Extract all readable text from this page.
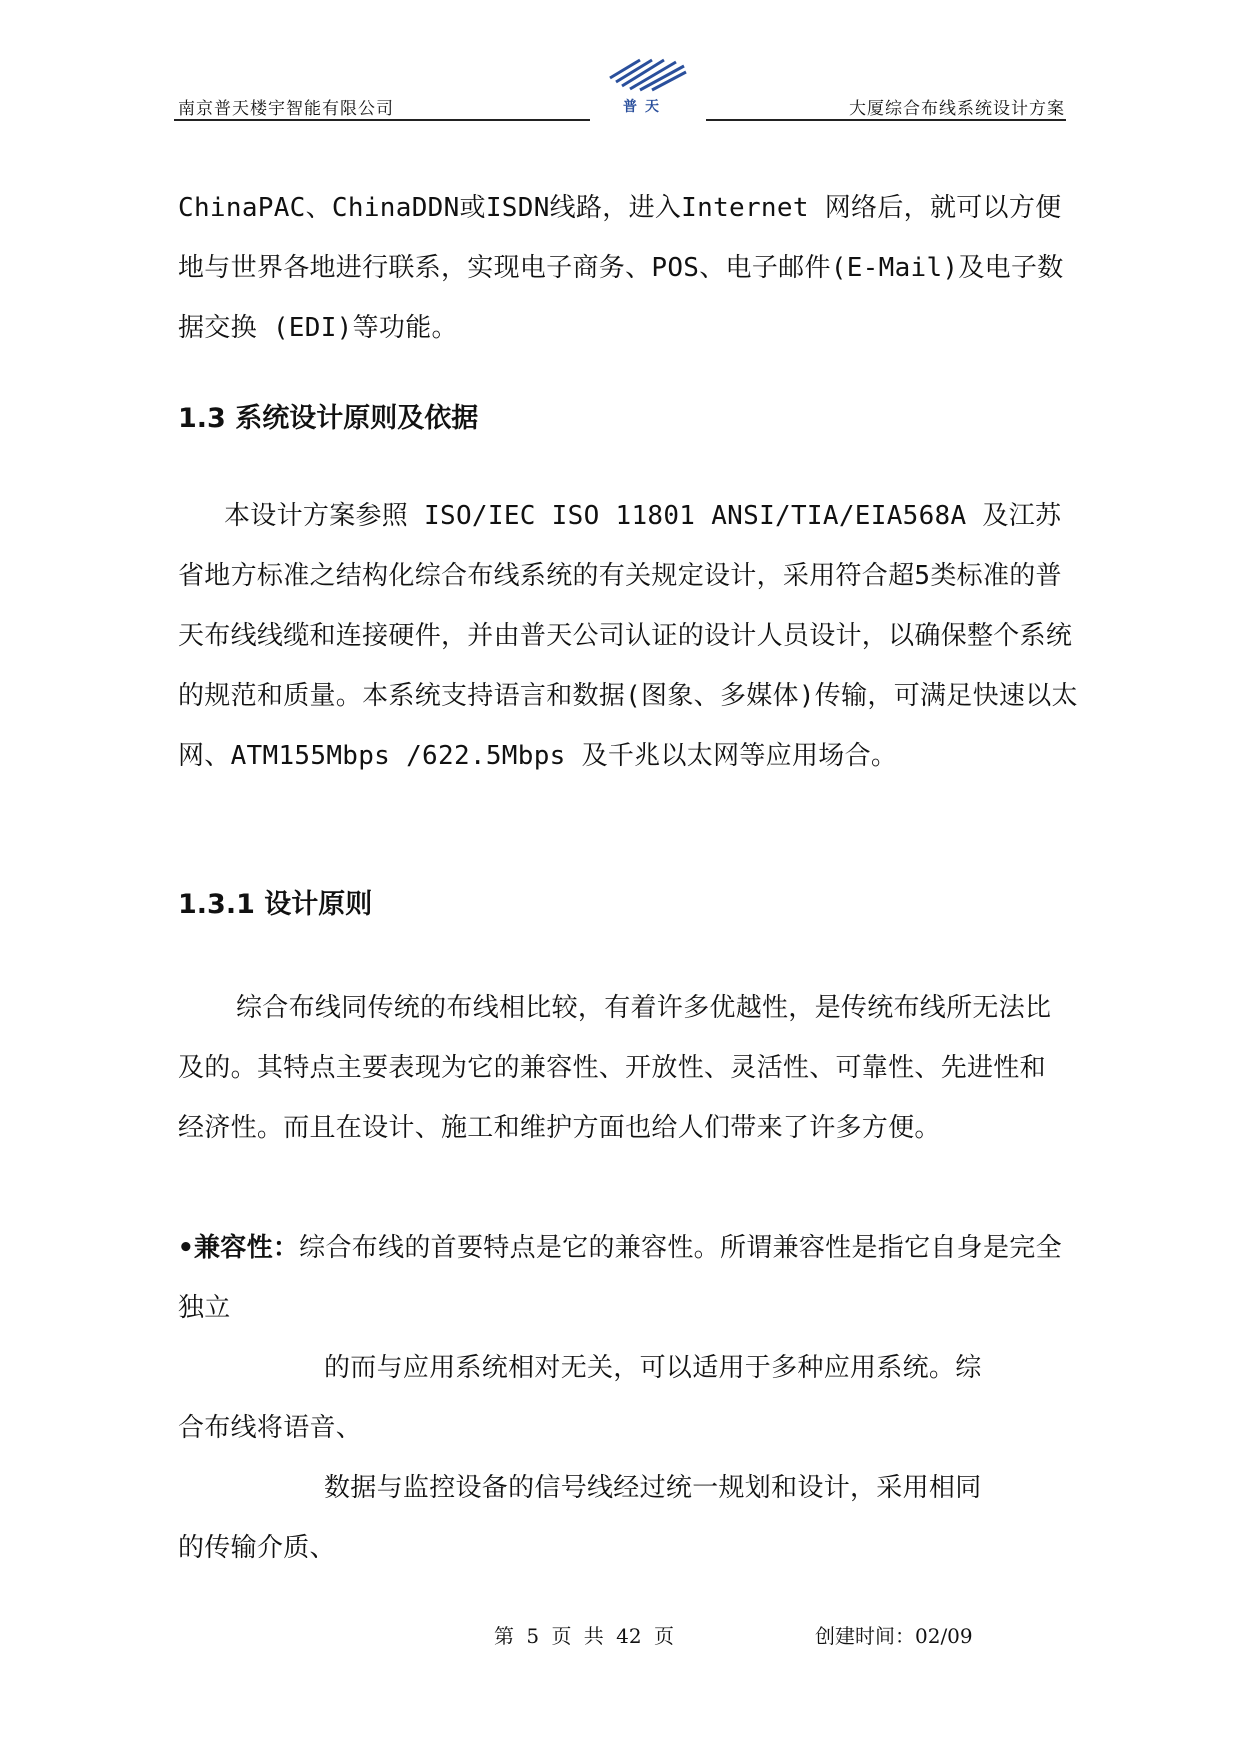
南京普天楼宇智能有限公司	普天	大厦综合布线系统设计方案

ChinaPAC、ChinaDDN或ISDN线路，进入Internet 网络后，就可以方便地与世界各地进行联系，实现电子商务、POS、电子邮件(E-Mail)及电子数据交换 (EDI)等功能。

1.3 系统设计原则及依据

本设计方案参照 ISO/IEC ISO 11801 ANSI/TIA/EIA568A 及江苏省地方标准之结构化综合布线系统的有关规定设计，采用符合超5类标准的普天布线线缆和连接硬件，并由普天公司认证的设计人员设计，以确保整个系统的规范和质量。本系统支持语言和数据(图象、多媒体)传输，可满足快速以太网、ATM155Mbps /622.5Mbps 及千兆以太网等应用场合。

1.3.1 设计原则

综合布线同传统的布线相比较，有着许多优越性，是传统布线所无法比及的。其特点主要表现为它的兼容性、开放性、灵活性、可靠性、先进性和经济性。而且在设计、施工和维护方面也给人们带来了许多方便。

•兼容性：综合布线的首要特点是它的兼容性。所谓兼容性是指它自身是完全独立

的而与应用系统相对无关，可以适用于多种应用系统。综
合布线将语音、

数据与监控设备的信号线经过统一规划和设计，采用相同
的传输介质、

第 5 页 共 42 页	创建时间：02/09
